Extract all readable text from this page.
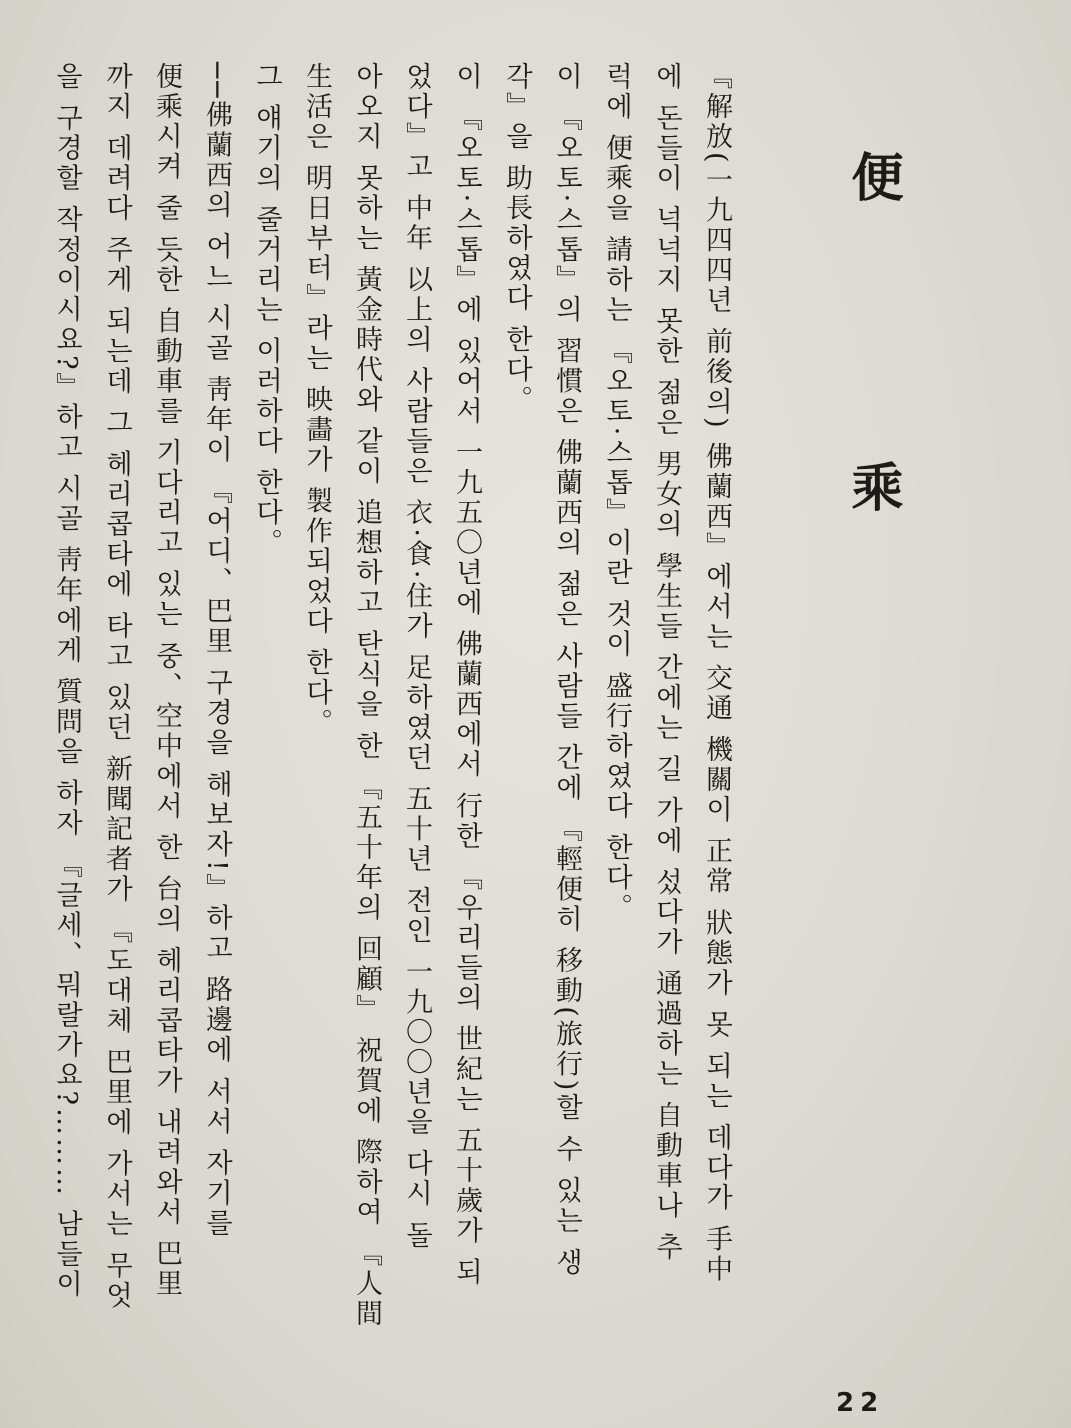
便 乘
『解放(一九四四년 前後의) 佛蘭西』에서는 交通 機關이 正常 狀態가 못 되는 데다가 手中
에 돈들이 넉넉지 못한 젊은 男女의 學生들 간에는 길 가에 섰다가 通過하는 自動車나 추
럭에 便乘을 請하는 『오토·스톱』이란 것이 盛行하였다 한다。
이 『오토·스톱』의 習慣은 佛蘭西의 젊은 사람들 간에 『輕便히 移動(旅行)할 수 있는 생
각』을 助長하였다 한다。
이 『오토·스톱』에 있어서 一九五〇년에 佛蘭西에서 行한 『우리들의 世紀는 五十歲가 되
었다』고 中年 以上의 사람들은 衣·食·住가 足하였던 五十년 전인 一九〇〇년을 다시 돌
아오지 못하는 黃金時代와 같이 追想하고 탄식을 한 『五十年의 回顧』 祝賀에 際하여 『人間
生活은 明日부터』라는 映畵가 製作되었다 한다。
그 얘기의 줄거리는 이러하다 한다。
──佛蘭西의 어느 시골 靑年이 『어디、巴里 구경을 해보자!』하고 路邊에 서서 자기를
便乘시켜 줄 듯한 自動車를 기다리고 있는 중、空中에서 한 台의 헤리콥타가 내려와서 巴里
까지 데려다 주게 되는데 그 헤리콥타에 타고 있던 新聞記者가 『도대체 巴里에 가서는 무엇
을 구경할 작정이시요?』하고 시골 靑年에게 質問을 하자 『글세、뭐랄가요?……… 남들이
22
